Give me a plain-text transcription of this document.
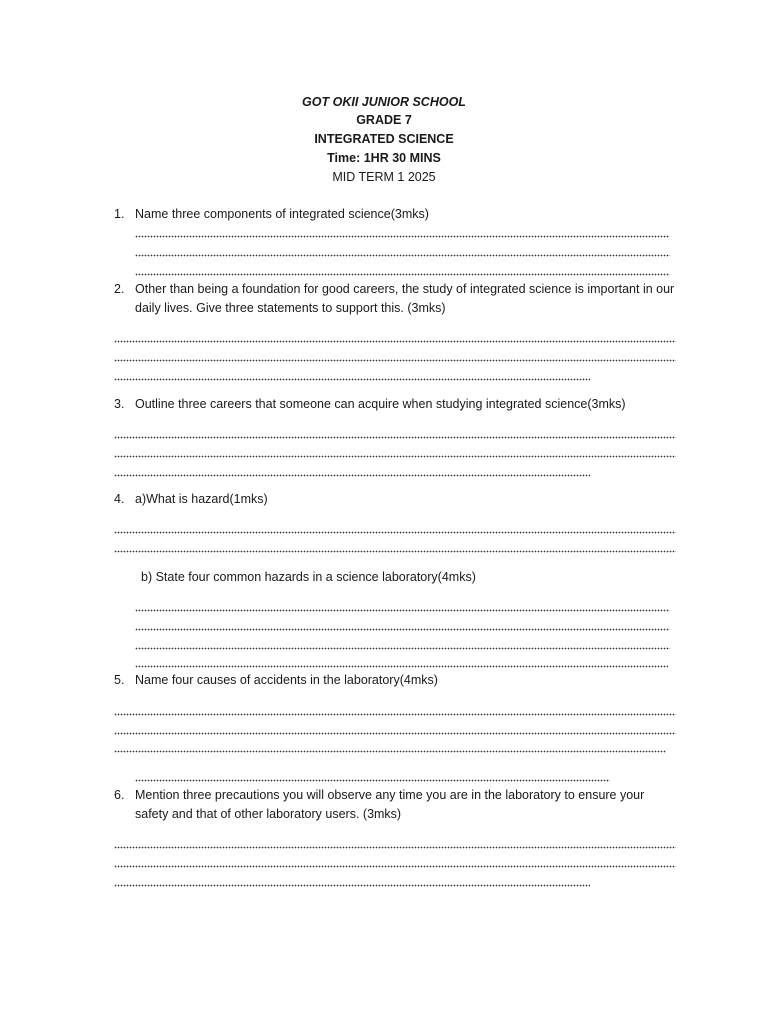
GOT OKII JUNIOR SCHOOL
GRADE 7
INTEGRATED SCIENCE
Time: 1HR 30 MINS
MID TERM 1 2025
1. Name three components of integrated science(3mks)
2. Other than being a foundation for good careers, the study of integrated science is important in our daily lives. Give three statements to support this. (3mks)
3. Outline three careers that someone can acquire when studying integrated science(3mks)
4. a)What is hazard(1mks)
b) State four common hazards in a science laboratory(4mks)
5. Name four causes of accidents in the laboratory(4mks)
6. Mention three precautions you will observe any time you are in the laboratory to ensure your safety and that of other laboratory users. (3mks)
